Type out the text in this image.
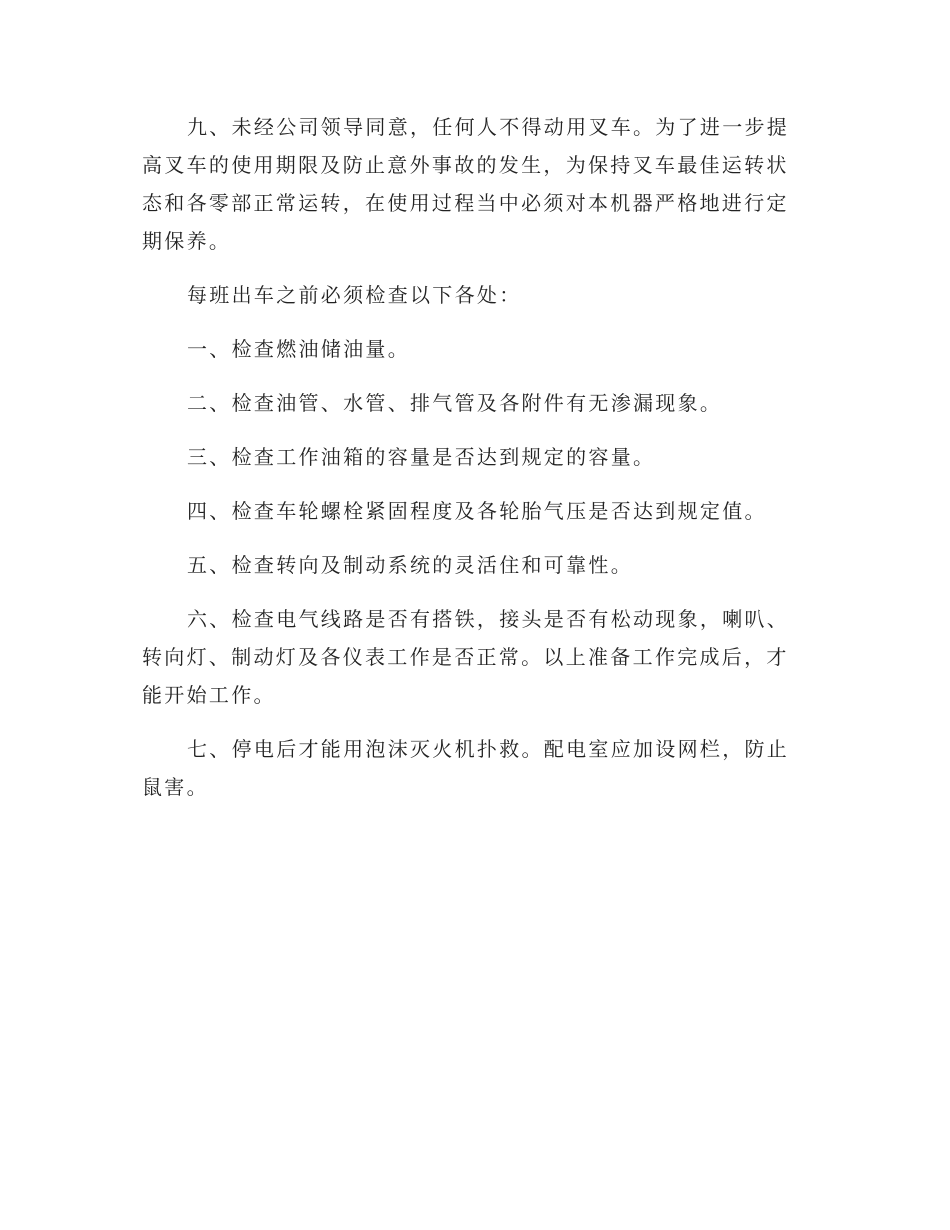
九、未经公司领导同意，任何人不得动用叉车。为了进一步提高叉车的使用期限及防止意外事故的发生，为保持叉车最佳运转状态和各零部正常运转，在使用过程当中必须对本机器严格地进行定期保养。

每班出车之前必须检查以下各处：

一、检查燃油储油量。

二、检查油管、水管、排气管及各附件有无渗漏现象。

三、检查工作油箱的容量是否达到规定的容量。

四、检查车轮螺栓紧固程度及各轮胎气压是否达到规定值。

五、检查转向及制动系统的灵活住和可靠性。

六、检查电气线路是否有搭铁，接头是否有松动现象，喇叭、转向灯、制动灯及各仪表工作是否正常。以上准备工作完成后，才能开始工作。

七、停电后才能用泡沫灭火机扑救。配电室应加设网栏，防止鼠害。
